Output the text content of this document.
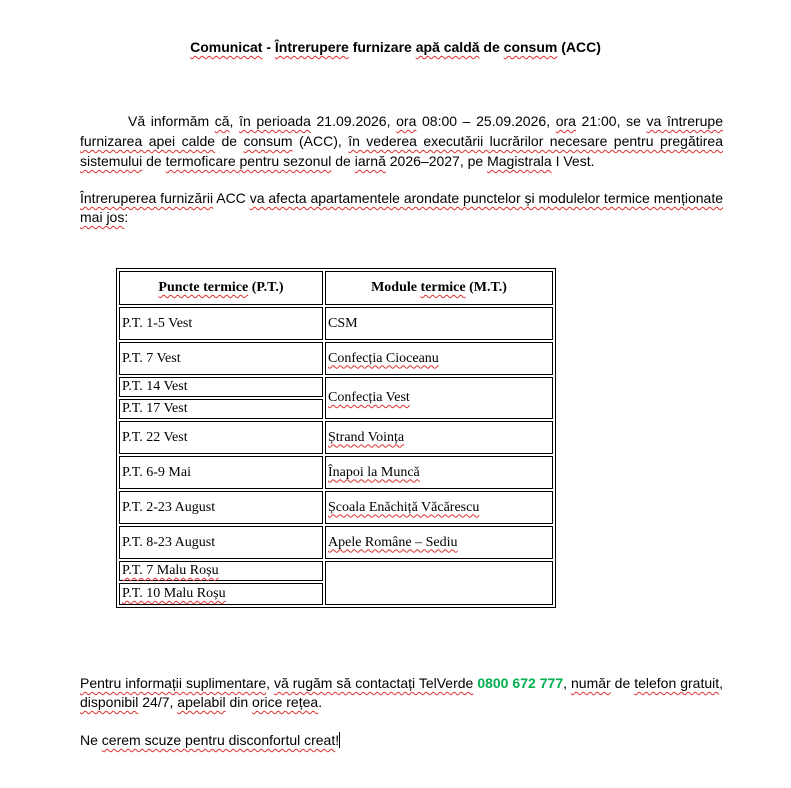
Comunicat - Întrerupere furnizare apă caldă de consum (ACC)

Vă informăm că, în perioada 21.09.2026, ora 08:00 – 25.09.2026, ora 21:00, se va întrerupe furnizarea apei calde de consum (ACC), în vederea executării lucrărilor necesare pentru pregătirea sistemului de termoficare pentru sezonul de iarnă 2026–2027, pe Magistrala I Vest.

Întreruperea furnizării ACC va afecta apartamentele arondate punctelor și modulelor termice menționate mai jos:

Puncte termice (P.T.)	Module termice (M.T.)
P.T. 1-5 Vest	CSM
P.T. 7 Vest	Confecția Cioceanu
P.T. 14 Vest	Confecția Vest
P.T. 17 Vest	
P.T. 22 Vest	Ștrand Voința
P.T. 6-9 Mai	Înapoi la Muncă
P.T. 2-23 August	Școala Enăchiță Văcărescu
P.T. 8-23 August	Apele Române – Sediu
P.T. 7 Malu Roșu	
P.T. 10 Malu Roșu	

Pentru informații suplimentare, vă rugăm să contactați TelVerde 0800 672 777, număr de telefon gratuit, disponibil 24/7, apelabil din orice rețea.

Ne cerem scuze pentru disconfortul creat!
